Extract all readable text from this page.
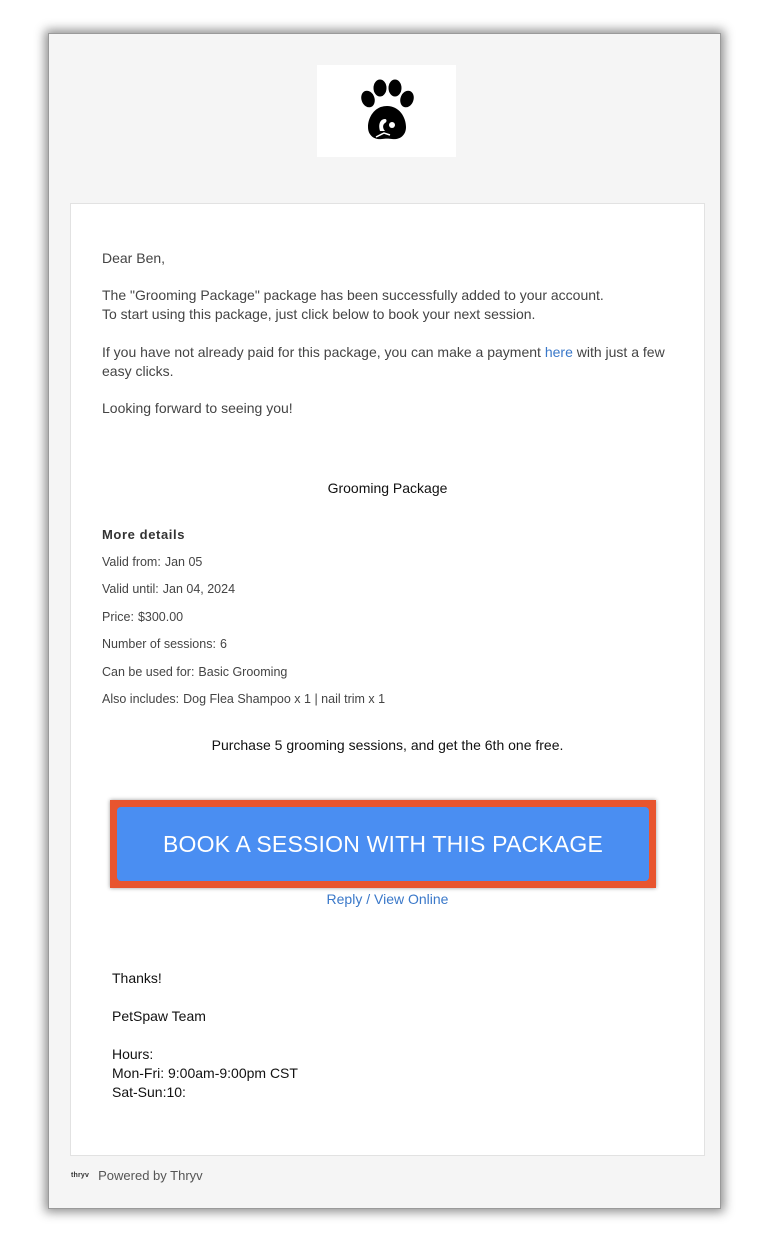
Dear Ben,

The "Grooming Package" package has been successfully added to your account.
To start using this package, just click below to book your next session.

If you have not already paid for this package, you can make a payment here with just a few easy clicks.

Looking forward to seeing you!

Grooming Package
More details
Valid from: Jan 05
Valid until: Jan 04, 2024
Price: $300.00
Number of sessions: 6
Can be used for: Basic Grooming
Also includes: Dog Flea Shampoo x 1 | nail trim x 1
Purchase 5 grooming sessions, and get the 6th one free.
BOOK A SESSION WITH THIS PACKAGE
Reply / View Online

Thanks!

PetSpaw Team

Hours:
Mon-Fri: 9:00am-9:00pm CST
Sat-Sun:10:

thryv Powered by Thryv
